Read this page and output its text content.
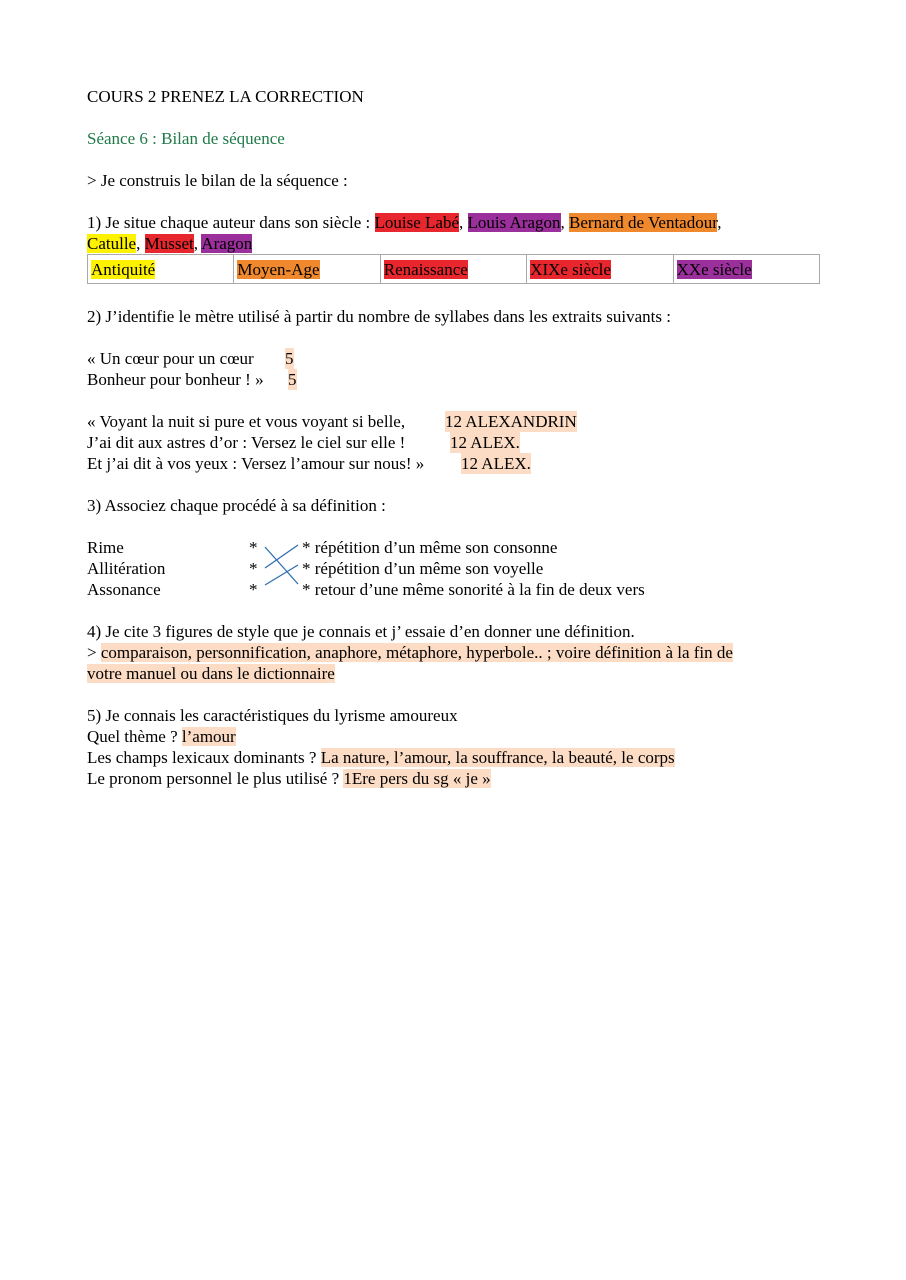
COURS 2 PRENEZ LA CORRECTION
Séance 6 : Bilan de séquence
> Je construis le bilan de la séquence :
1) Je situe chaque auteur dans son siècle : Louise Labé, Louis Aragon, Bernard de Ventadour,
Catulle, Musset, Aragon
Antiquité	Moyen-Age	Renaissance	XIXe siècle	XXe siècle
2) J’identifie le mètre utilisé à partir du nombre de syllabes dans les extraits suivants :
« Un cœur pour un cœur 5
Bonheur pour bonheur ! » 5
« Voyant la nuit si pure et vous voyant si belle, 12 ALEXANDRIN
J’ai dit aux astres d’or : Versez le ciel sur elle !	12 ALEX.
Et j’ai dit à vos yeux : Versez l’amour sur nous! » 12 ALEX.
3) Associez chaque procédé à sa définition :
Rime	*	* répétition d’un même son consonne
Allitération	*	* répétition d’un même son voyelle
Assonance	*	* retour d’une même sonorité à la fin de deux vers
4) Je cite 3 figures de style que je connais et j’ essaie d’en donner une définition.
> comparaison, personnification, anaphore, métaphore, hyperbole.. ; voire définition à la fin de
votre manuel ou dans le dictionnaire
5) Je connais les caractéristiques du lyrisme amoureux
Quel thème ? l’amour
Les champs lexicaux dominants ? La nature, l’amour, la souffrance, la beauté, le corps
Le pronom personnel le plus utilisé ? 1Ere pers du sg « je »
